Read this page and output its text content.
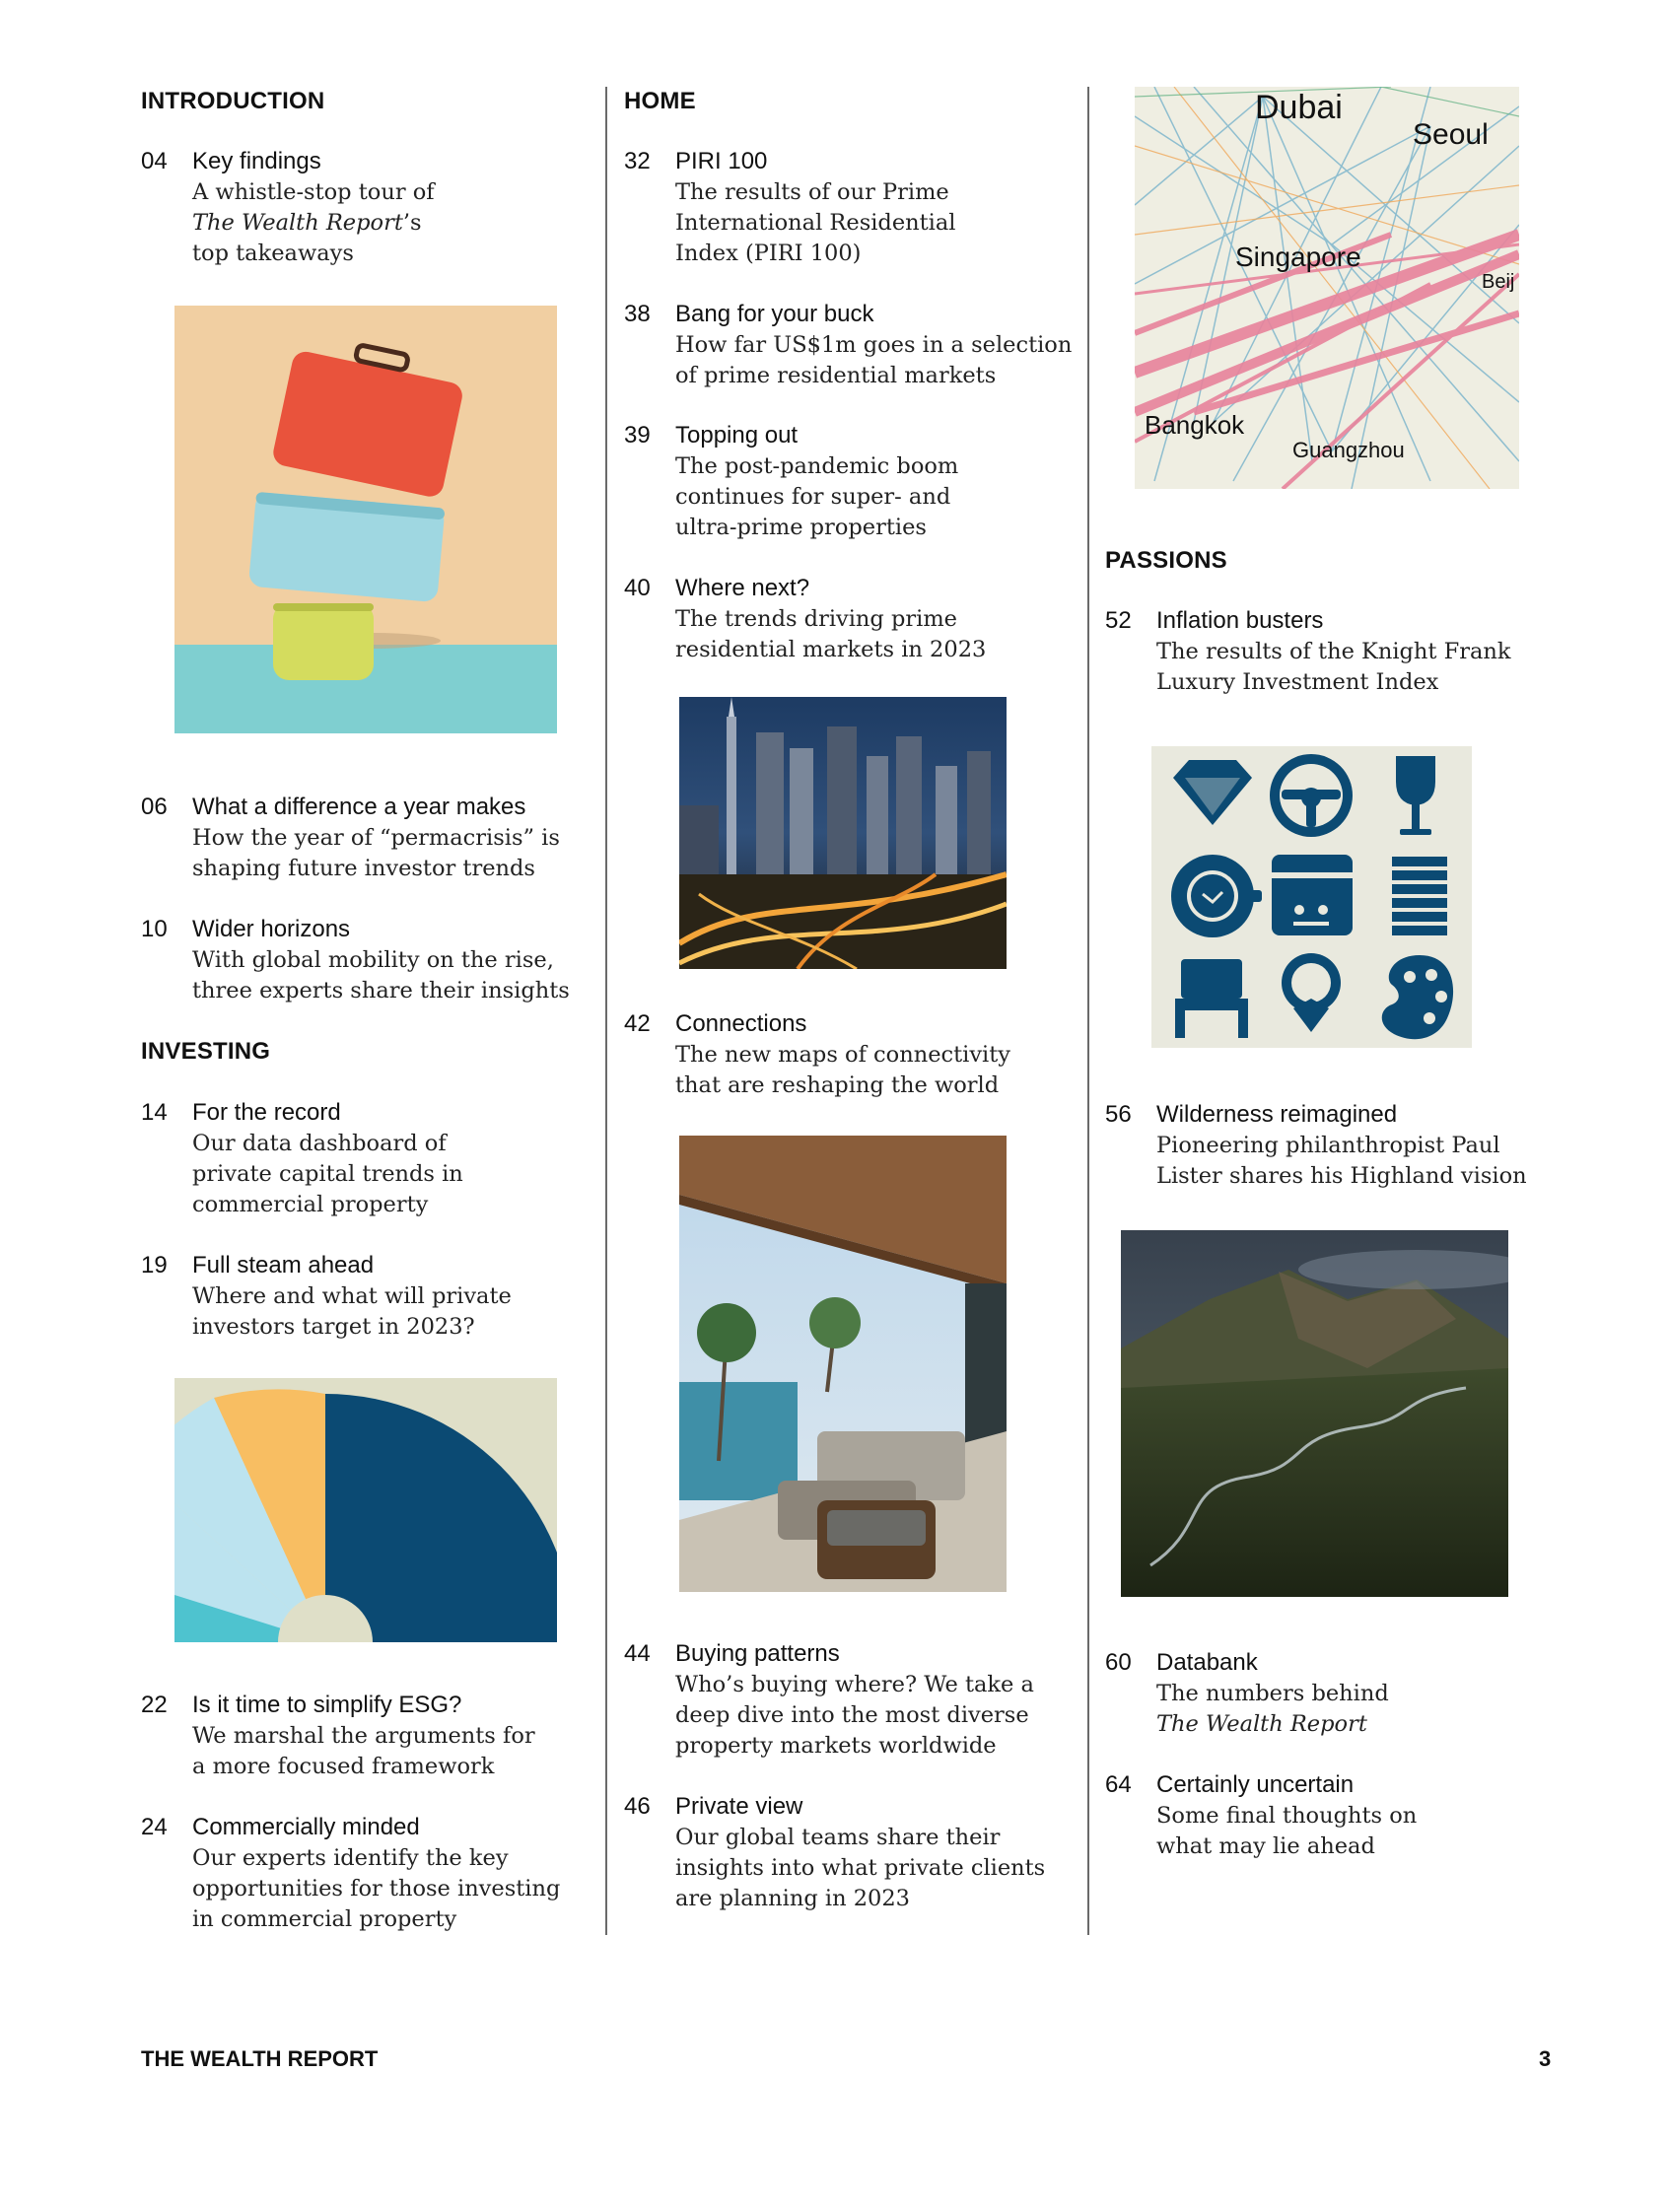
INTRODUCTION
04 Key findings
A whistle-stop tour of
The Wealth Report’s
top takeaways
06 What a difference a year makes
How the year of “permacrisis” is
shaping future investor trends
10 Wider horizons
With global mobility on the rise,
three experts share their insights
INVESTING
14 For the record
Our data dashboard of
private capital trends in
commercial property
19 Full steam ahead
Where and what will private
investors target in 2023?
22 Is it time to simplify ESG?
We marshal the arguments for
a more focused framework
24 Commercially minded
Our experts identify the key
opportunities for those investing
in commercial property
HOME
32 PIRI 100
The results of our Prime
International Residential
Index (PIRI 100)
38 Bang for your buck
How far US$1m goes in a selection
of prime residential markets
39 Topping out
The post-pandemic boom
continues for super- and
ultra-prime properties
40 Where next?
The trends driving prime
residential markets in 2023
42 Connections
The new maps of connectivity
that are reshaping the world
44 Buying patterns
Who’s buying where? We take a
deep dive into the most diverse
property markets worldwide
46 Private view
Our global teams share their
insights into what private clients
are planning in 2023
Dubai
Seoul
Singapore
Beij
Bangkok
Guangzhou
PASSIONS
52 Inflation busters
The results of the Knight Frank
Luxury Investment Index
56 Wilderness reimagined
Pioneering philanthropist Paul
Lister shares his Highland vision
60 Databank
The numbers behind
The Wealth Report
64 Certainly uncertain
Some final thoughts on
what may lie ahead
THE WEALTH REPORT	3
